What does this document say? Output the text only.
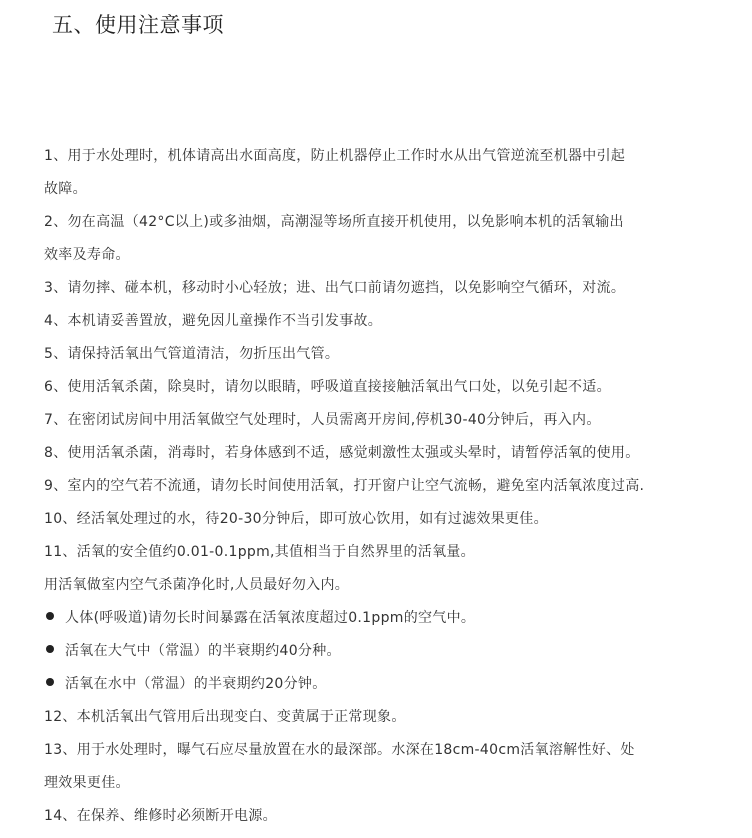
五、使用注意事项
1、用于水处理时，机体请高出水面高度，防止机器停止工作时水从出气管逆流至机器中引起
故障。
2、勿在高温（42°C以上)或多油烟，高潮湿等场所直接开机使用，以免影响本机的活氧输出
效率及寿命。
3、请勿摔、碰本机，移动时小心轻放；进、出气口前请勿遮挡，以免影响空气循环，对流。
4、本机请妥善置放，避免因儿童操作不当引发事故。
5、请保持活氧出气管道清洁，勿折压出气管。
6、使用活氧杀菌，除臭时，请勿以眼睛，呼吸道直接接触活氧出气口处，以免引起不适。
7、在密闭试房间中用活氧做空气处理时，人员需离开房间,停机30-40分钟后，再入内。
8、使用活氧杀菌，消毒时，若身体感到不适，感觉刺激性太强或头晕时，请暂停活氧的使用。
9、室内的空气若不流通，请勿长时间使用活氧，打开窗户让空气流畅，避免室内活氧浓度过高.
10、经活氧处理过的水，待20-30分钟后，即可放心饮用，如有过滤效果更佳。
11、活氧的安全值约0.01-0.1ppm,其值相当于自然界里的活氧量。
用活氧做室内空气杀菌净化时,人员最好勿入内。
人体(呼吸道)请勿长时间暴露在活氧浓度超过0.1ppm的空气中。
活氧在大气中（常温）的半衰期约40分种。
活氧在水中（常温）的半衰期约20分钟。
12、本机活氧出气管用后出现变白、变黄属于正常现象。
13、用于水处理时，曝气石应尽量放置在水的最深部。水深在18cm-40cm活氧溶解性好、处
理效果更佳。
14、在保养、维修时必须断开电源。
